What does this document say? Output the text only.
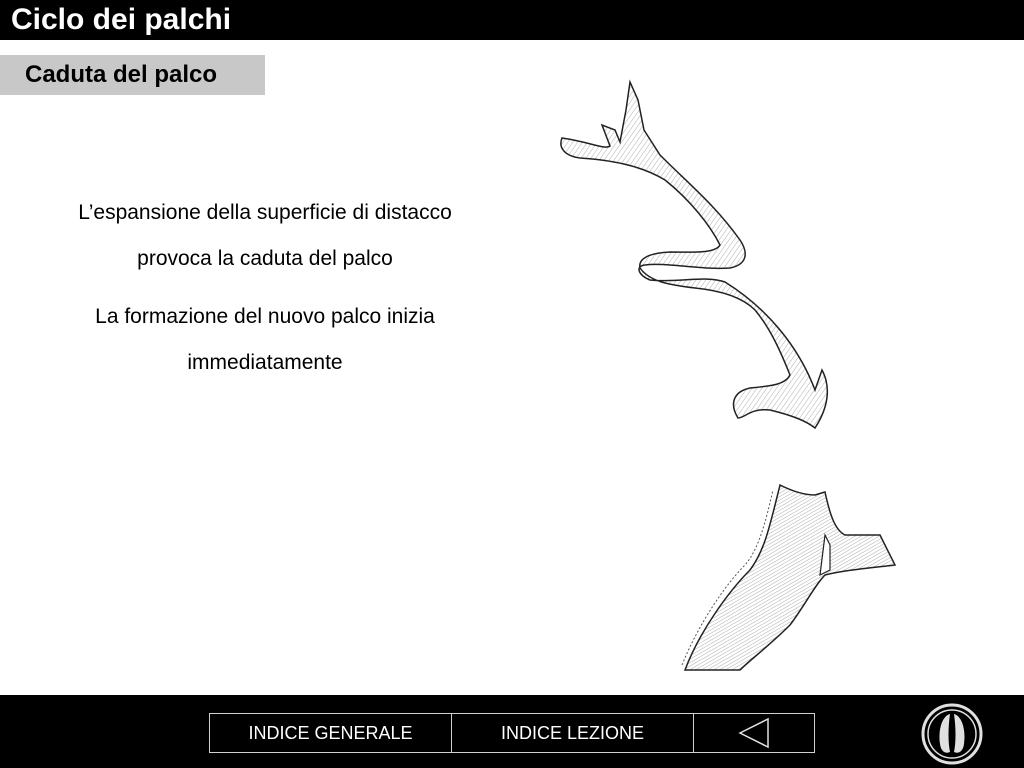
Ciclo dei palchi
Caduta del palco

L’espansione della superficie di distacco provoca la caduta del palco

La formazione del nuovo palco inizia immediatamente

INDICE GENERALE	INDICE LEZIONE
